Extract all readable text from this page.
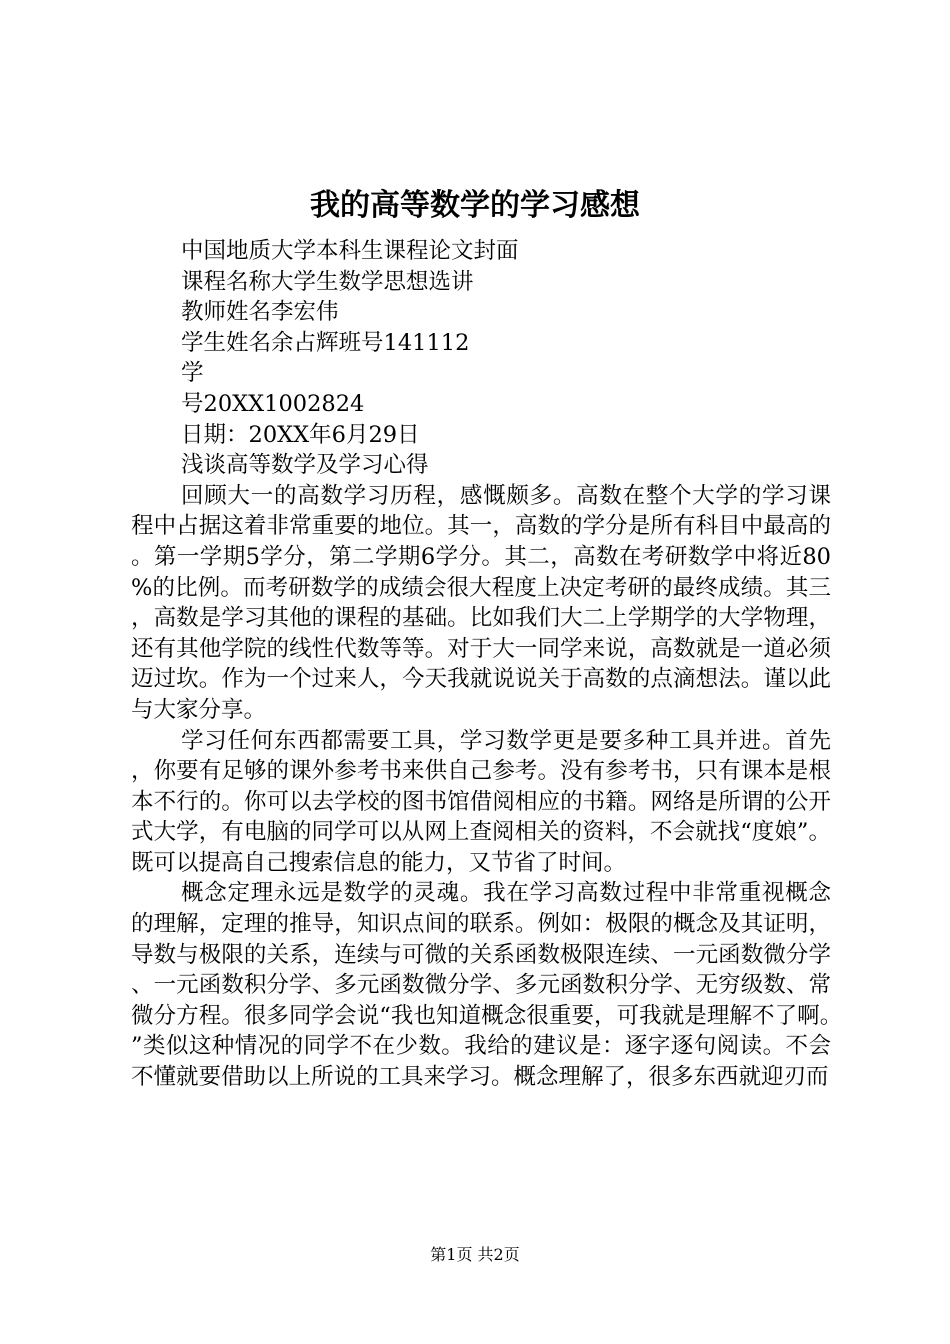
我的高等数学的学习感想

中国地质大学本科生课程论文封面

课程名称大学生数学思想选讲

教师姓名李宏伟

学生姓名余占辉班号141112

学

号20XX1002824

日期：20XX年6月29日

浅谈高等数学及学习心得

回顾大一的高数学习历程，感慨颇多。高数在整个大学的学习课程中占据这着非常重要的地位。其一，高数的学分是所有科目中最高的。第一学期5学分，第二学期6学分。其二，高数在考研数学中将近80%的比例。而考研数学的成绩会很大程度上决定考研的最终成绩。其三，高数是学习其他的课程的基础。比如我们大二上学期学的大学物理，还有其他学院的线性代数等等。对于大一同学来说，高数就是一道必须迈过坎。作为一个过来人，今天我就说说关于高数的点滴想法。谨以此与大家分享。

学习任何东西都需要工具，学习数学更是要多种工具并进。首先，你要有足够的课外参考书来供自己参考。没有参考书，只有课本是根本不行的。你可以去学校的图书馆借阅相应的书籍。网络是所谓的公开式大学，有电脑的同学可以从网上查阅相关的资料，不会就找“度娘”。既可以提高自己搜索信息的能力，又节省了时间。

概念定理永远是数学的灵魂。我在学习高数过程中非常重视概念的理解，定理的推导，知识点间的联系。例如：极限的概念及其证明，导数与极限的关系，连续与可微的关系函数极限连续、一元函数微分学、一元函数积分学、多元函数微分学、多元函数积分学、无穷级数、常微分方程。很多同学会说“我也知道概念很重要，可我就是理解不了啊。”类似这种情况的同学不在少数。我给的建议是：逐字逐句阅读。不会不懂就要借助以上所说的工具来学习。概念理解了，很多东西就迎刃而

第1页 共2页
